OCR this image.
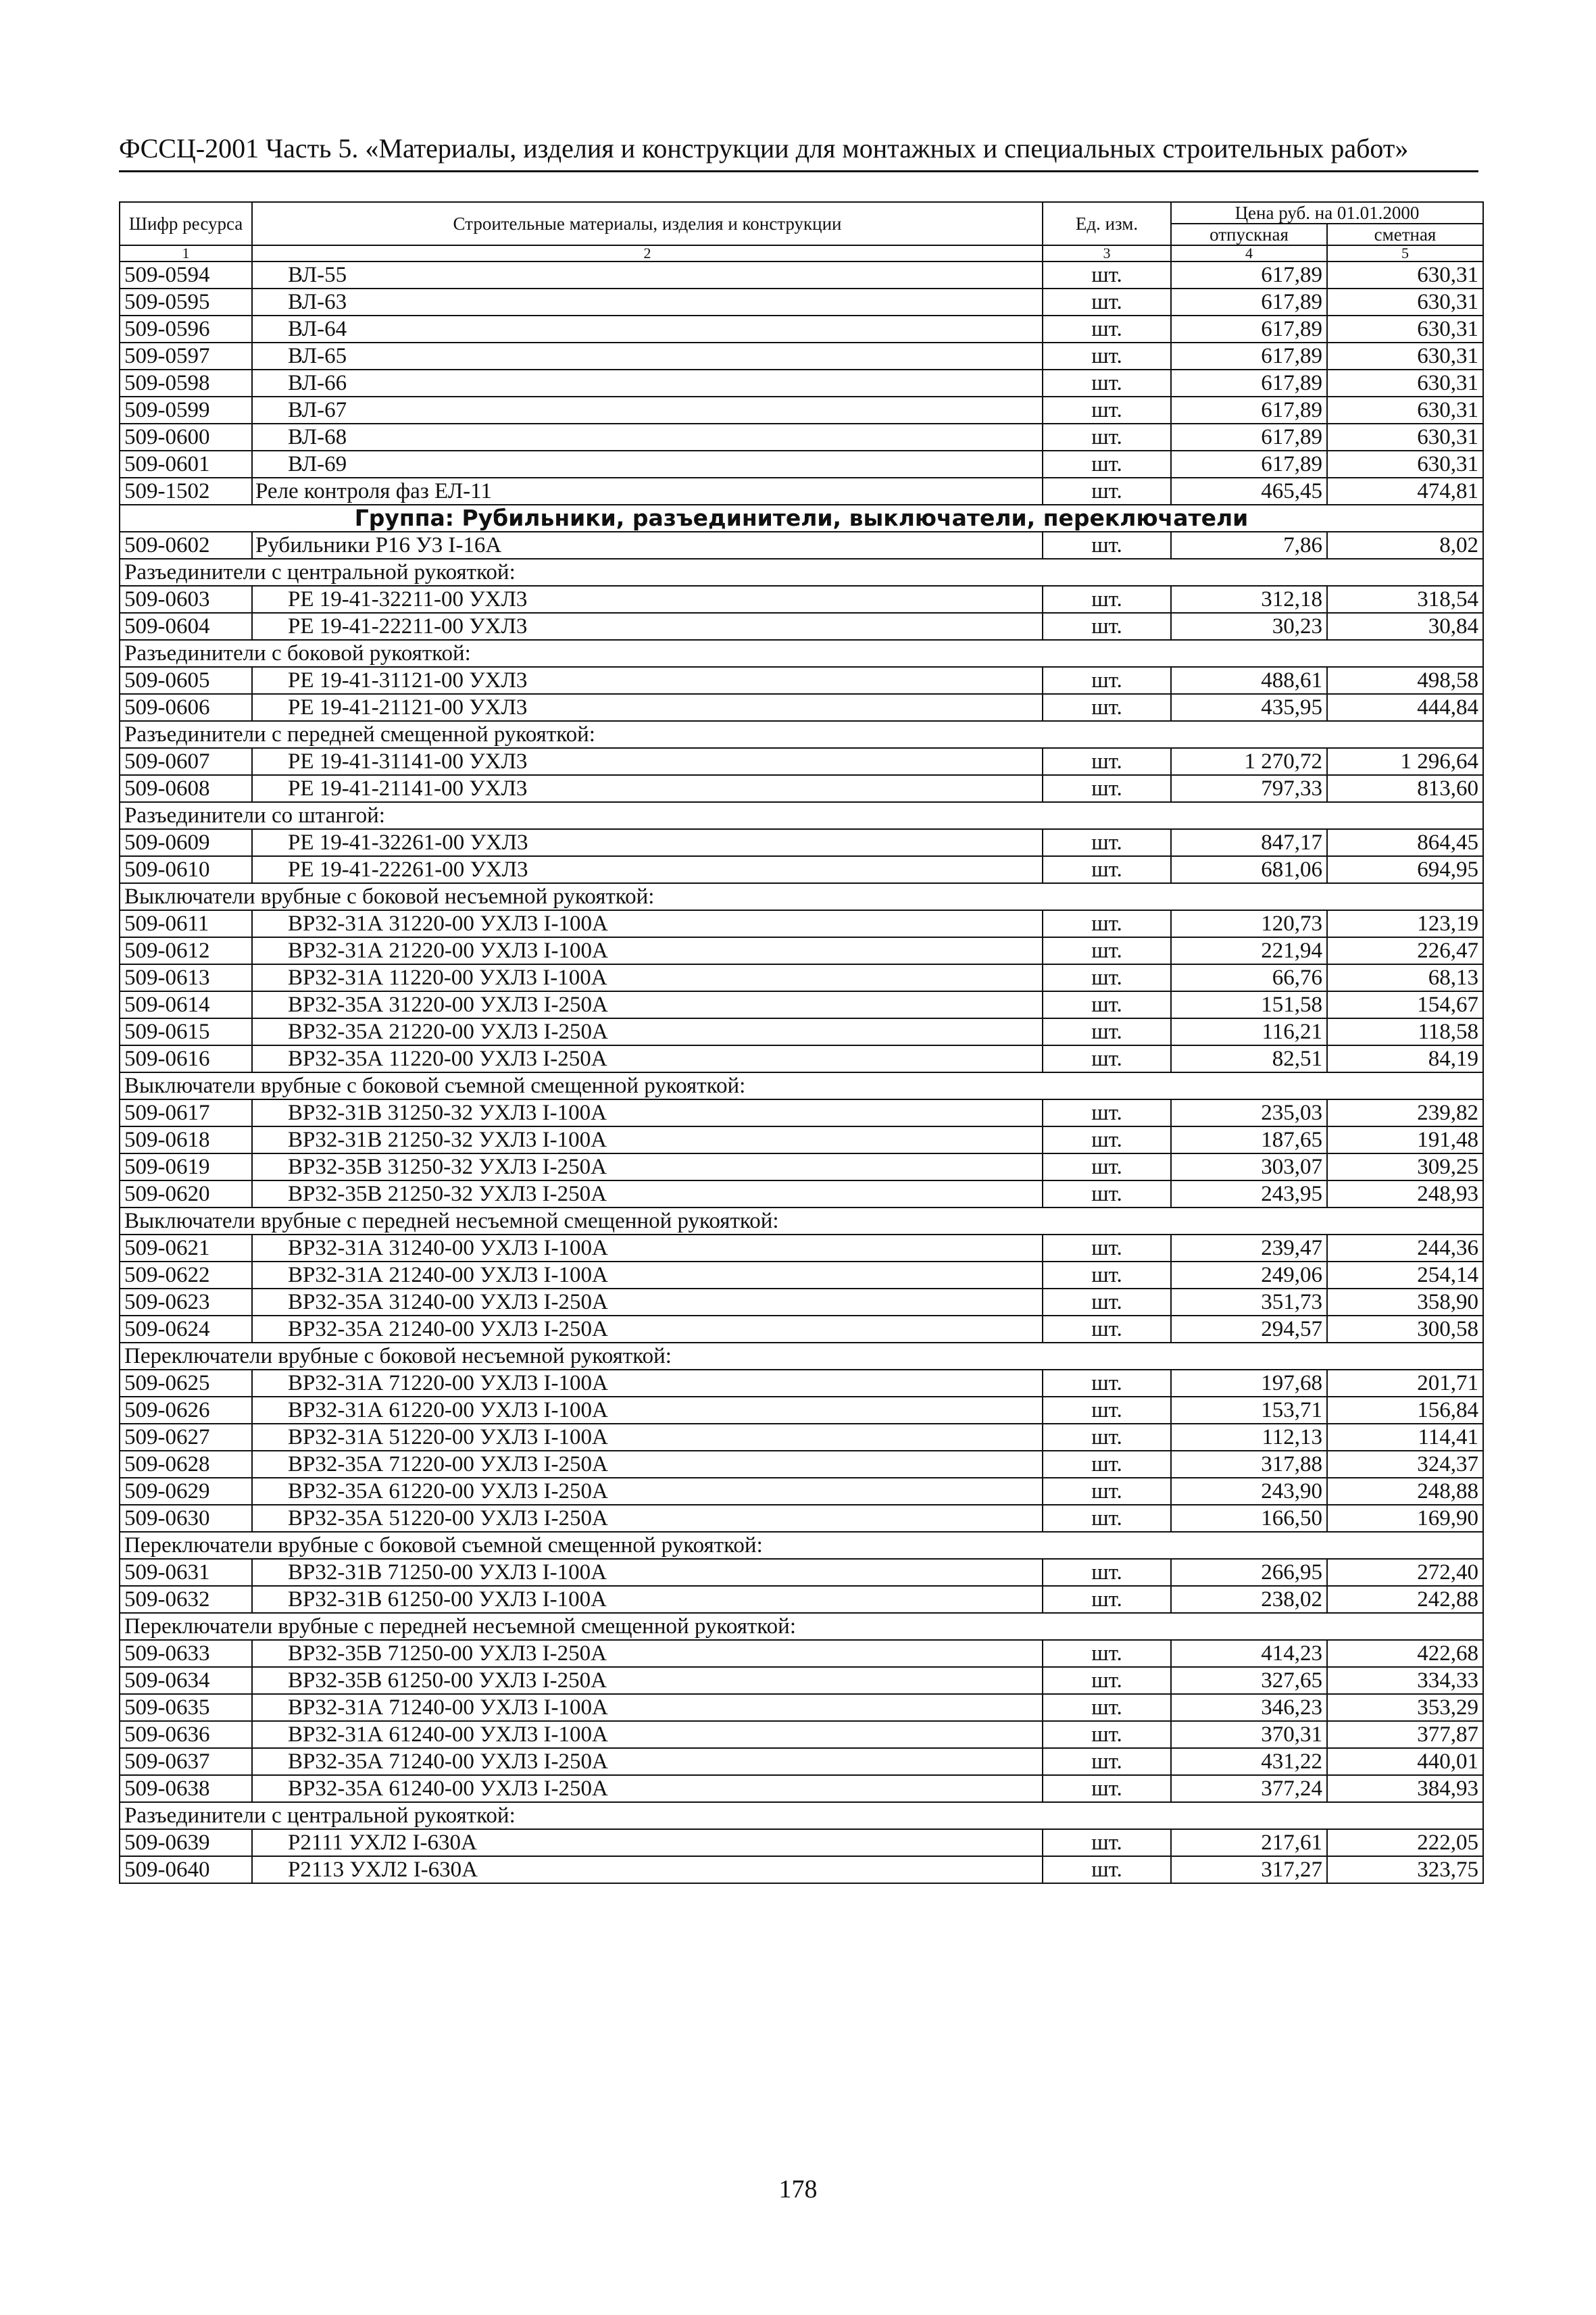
ФССЦ-2001 Часть 5. «Материалы, изделия и конструкции для монтажных и специальных строительных работ»
Шифр ресурса	Строительные материалы, изделия и конструкции	Ед. изм.	Цена руб. на 01.01.2000	
			отпускная	сметная
1	2	3	4	5
509-0594	ВЛ-55	шт.	617,89	630,31
509-0595	ВЛ-63	шт.	617,89	630,31
509-0596	ВЛ-64	шт.	617,89	630,31
509-0597	ВЛ-65	шт.	617,89	630,31
509-0598	ВЛ-66	шт.	617,89	630,31
509-0599	ВЛ-67	шт.	617,89	630,31
509-0600	ВЛ-68	шт.	617,89	630,31
509-0601	ВЛ-69	шт.	617,89	630,31
509-1502	Реле контроля фаз ЕЛ-11	шт.	465,45	474,81
Группа: Рубильники, разъединители, выключатели, переключатели				
509-0602	Рубильники Р16 У3 I-16А	шт.	7,86	8,02
Разъединители с центральной рукояткой:				
509-0603	РЕ 19-41-32211-00 УХЛ3	шт.	312,18	318,54
509-0604	РЕ 19-41-22211-00 УХЛ3	шт.	30,23	30,84
Разъединители с боковой рукояткой:				
509-0605	РЕ 19-41-31121-00 УХЛ3	шт.	488,61	498,58
509-0606	РЕ 19-41-21121-00 УХЛ3	шт.	435,95	444,84
Разъединители с передней смещенной рукояткой:				
509-0607	РЕ 19-41-31141-00 УХЛ3	шт.	1 270,72	1 296,64
509-0608	РЕ 19-41-21141-00 УХЛ3	шт.	797,33	813,60
Разъединители со штангой:				
509-0609	РЕ 19-41-32261-00 УХЛ3	шт.	847,17	864,45
509-0610	РЕ 19-41-22261-00 УХЛ3	шт.	681,06	694,95
Выключатели врубные с боковой несъемной рукояткой:				
509-0611	ВР32-31А 31220-00 УХЛ3 I-100А	шт.	120,73	123,19
509-0612	ВР32-31А 21220-00 УХЛ3 I-100А	шт.	221,94	226,47
509-0613	ВР32-31А 11220-00 УХЛ3 I-100А	шт.	66,76	68,13
509-0614	ВР32-35А 31220-00 УХЛ3 I-250А	шт.	151,58	154,67
509-0615	ВР32-35А 21220-00 УХЛ3 I-250А	шт.	116,21	118,58
509-0616	ВР32-35А 11220-00 УХЛ3 I-250А	шт.	82,51	84,19
Выключатели врубные с боковой съемной смещенной рукояткой:				
509-0617	ВР32-31В 31250-32 УХЛ3 I-100А	шт.	235,03	239,82
509-0618	ВР32-31В 21250-32 УХЛ3 I-100А	шт.	187,65	191,48
509-0619	ВР32-35В 31250-32 УХЛ3 I-250А	шт.	303,07	309,25
509-0620	ВР32-35В 21250-32 УХЛ3 I-250А	шт.	243,95	248,93
Выключатели врубные с передней несъемной смещенной рукояткой:				
509-0621	ВР32-31А 31240-00 УХЛ3 I-100А	шт.	239,47	244,36
509-0622	ВР32-31А 21240-00 УХЛ3 I-100А	шт.	249,06	254,14
509-0623	ВР32-35А 31240-00 УХЛ3 I-250А	шт.	351,73	358,90
509-0624	ВР32-35А 21240-00 УХЛ3 I-250А	шт.	294,57	300,58
Переключатели врубные с боковой несъемной рукояткой:				
509-0625	ВР32-31А 71220-00 УХЛ3 I-100А	шт.	197,68	201,71
509-0626	ВР32-31А 61220-00 УХЛ3 I-100А	шт.	153,71	156,84
509-0627	ВР32-31А 51220-00 УХЛ3 I-100А	шт.	112,13	114,41
509-0628	ВР32-35А 71220-00 УХЛ3 I-250А	шт.	317,88	324,37
509-0629	ВР32-35А 61220-00 УХЛ3 I-250А	шт.	243,90	248,88
509-0630	ВР32-35А 51220-00 УХЛ3 I-250А	шт.	166,50	169,90
Переключатели врубные с боковой съемной смещенной рукояткой:				
509-0631	ВР32-31В 71250-00 УХЛ3 I-100А	шт.	266,95	272,40
509-0632	ВР32-31В 61250-00 УХЛ3 I-100А	шт.	238,02	242,88
Переключатели врубные с передней несъемной смещенной рукояткой:				
509-0633	ВР32-35В 71250-00 УХЛ3 I-250А	шт.	414,23	422,68
509-0634	ВР32-35В 61250-00 УХЛ3 I-250А	шт.	327,65	334,33
509-0635	ВР32-31А 71240-00 УХЛ3 I-100А	шт.	346,23	353,29
509-0636	ВР32-31А 61240-00 УХЛ3 I-100А	шт.	370,31	377,87
509-0637	ВР32-35А 71240-00 УХЛ3 I-250А	шт.	431,22	440,01
509-0638	ВР32-35А 61240-00 УХЛ3 I-250А	шт.	377,24	384,93
Разъединители с центральной рукояткой:				
509-0639	Р2111 УХЛ2 I-630А	шт.	217,61	222,05
509-0640	Р2113 УХЛ2 I-630А	шт.	317,27	323,75
178
